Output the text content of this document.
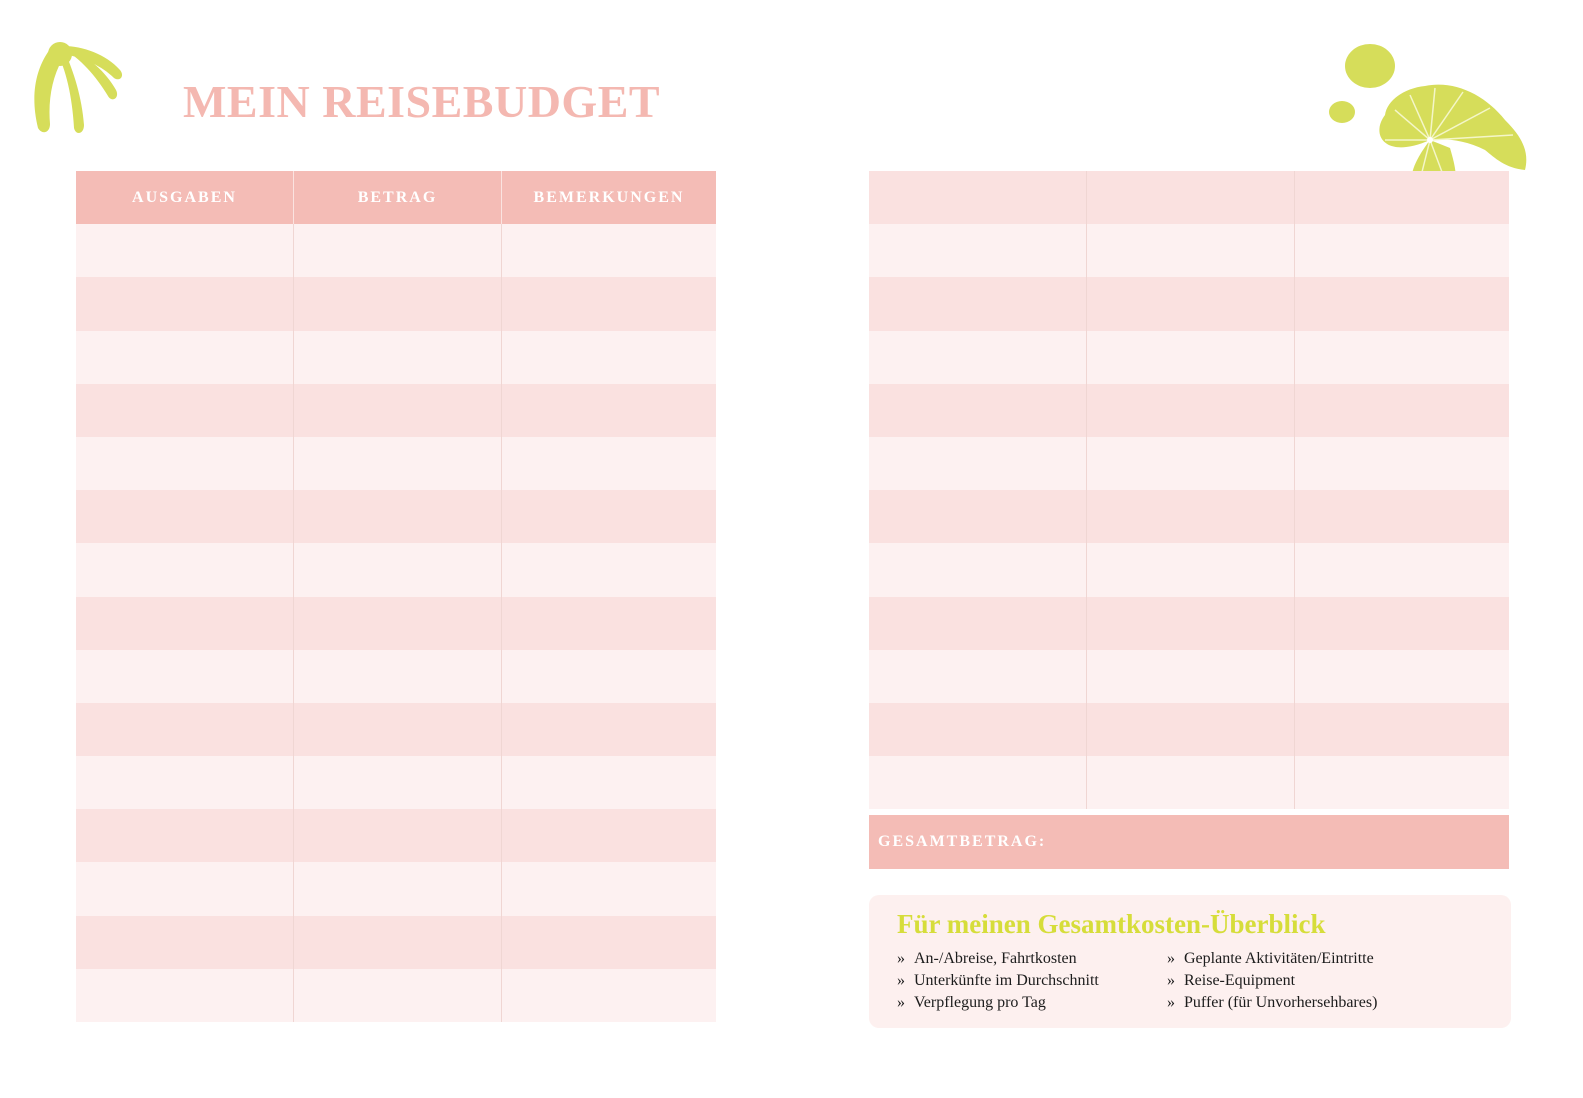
MEIN REISEBUDGET
AUSGABEN	BETRAG	BEMERKUNGEN
GESAMTBETRAG:
Für meinen Gesamtkosten-Überblick
» An-/Abreise, Fahrtkosten
» Unterkünfte im Durchschnitt
» Verpflegung pro Tag
» Geplante Aktivitäten/Eintritte
» Reise-Equipment
» Puffer (für Unvorhersehbares)
